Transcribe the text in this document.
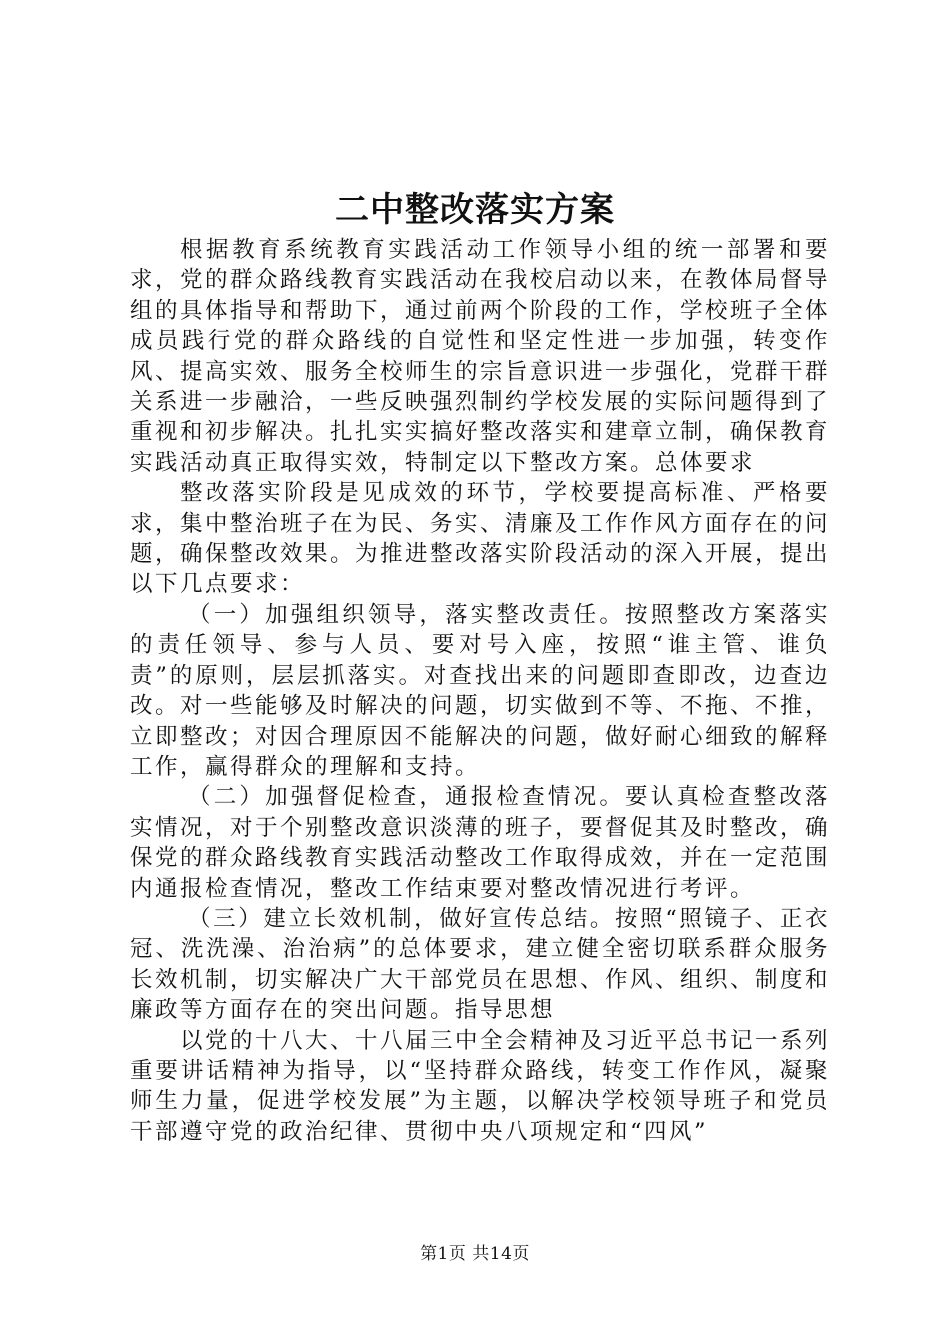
二中整改落实方案

根据教育系统教育实践活动工作领导小组的统一部署和要求，党的群众路线教育实践活动在我校启动以来，在教体局督导组的具体指导和帮助下，通过前两个阶段的工作，学校班子全体成员践行党的群众路线的自觉性和坚定性进一步加强，转变作风、提高实效、服务全校师生的宗旨意识进一步强化，党群干群关系进一步融洽，一些反映强烈制约学校发展的实际问题得到了重视和初步解决。扎扎实实搞好整改落实和建章立制，确保教育实践活动真正取得实效，特制定以下整改方案。总体要求

整改落实阶段是见成效的环节，学校要提高标准、严格要求，集中整治班子在为民、务实、清廉及工作作风方面存在的问题，确保整改效果。为推进整改落实阶段活动的深入开展，提出以下几点要求：

（一）加强组织领导，落实整改责任。按照整改方案落实的责任领导、参与人员、要对号入座，按照“谁主管、谁负责”的原则，层层抓落实。对查找出来的问题即查即改，边查边改。对一些能够及时解决的问题，切实做到不等、不拖、不推，立即整改；对因合理原因不能解决的问题，做好耐心细致的解释工作，赢得群众的理解和支持。

（二）加强督促检查，通报检查情况。要认真检查整改落实情况，对于个别整改意识淡薄的班子，要督促其及时整改，确保党的群众路线教育实践活动整改工作取得成效，并在一定范围内通报检查情况，整改工作结束要对整改情况进行考评。

（三）建立长效机制，做好宣传总结。按照“照镜子、正衣冠、洗洗澡、治治病”的总体要求，建立健全密切联系群众服务长效机制，切实解决广大干部党员在思想、作风、组织、制度和廉政等方面存在的突出问题。指导思想

以党的十八大、十八届三中全会精神及习近平总书记一系列重要讲话精神为指导，以“坚持群众路线，转变工作作风，凝聚师生力量，促进学校发展”为主题，以解决学校领导班子和党员干部遵守党的政治纪律、贯彻中央八项规定和“四风”

第1页 共14页
